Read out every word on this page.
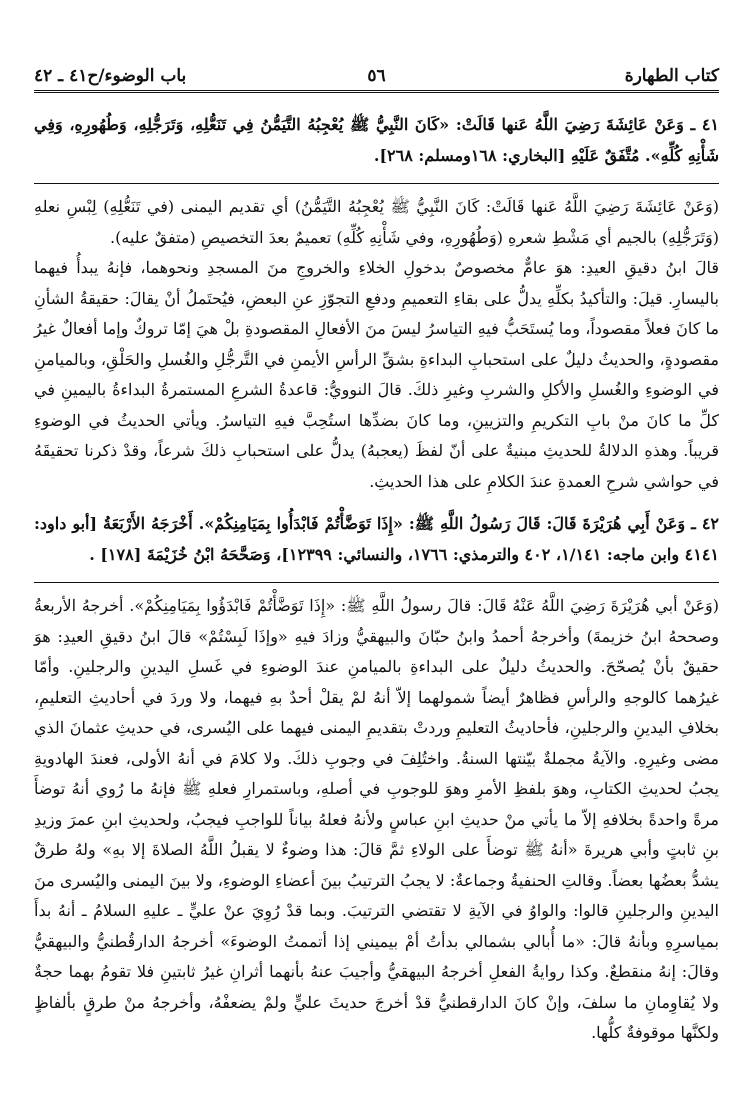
كتاب الطهارة
٥٦
باب الوضوء/ح٤١ ـ ٤٢

٤١ ـ وَعَنْ عَائِشَةَ رَضِيَ اللَّهُ عَنها قَالَتْ: «كَانَ النَّبِيُّ ﷺ يُعْجِبُهُ التَّيَمُّنُ فِي تَنَعُّلِهِ، وَتَرَجُّلِهِ، وَطُهُورِهِ، وَفِي شَأْنِهِ كُلِّهِ». مُتَّفَقٌ عَلَيْهِ [البخاري: ١٦٨ومسلم: ٢٦٨].

(وَعَنْ عَائِشَةَ رَضِيَ اللَّهُ عَنها قَالَتْ: كَانَ النَّبِيُّ ﷺ يُعْجِبُهُ التَّيَمُّنُ) أي تقديم اليمنى (في تَنَعُّلِهِ) لِبْسِ نعلهِ (وَتَرَجُّلِهِ) بالجيم أي مَشْطِ شعرهِ (وَطُهُورِهِ، وفي شَأْنِهِ كُلِّهِ) تعميمٌ بعدَ التخصيصِ (متفقٌ عليه).

قالَ ابنُ دقيقِ العيدِ: هوَ عامٌّ مخصوصٌ بدخولِ الخلاءِ والخروجِ منَ المسجدِ ونحوهما، فإنهُ يبدأُ فيهما باليسارِ. قيلَ: والتأكيدُ بكلِّهِ يدلُّ على بقاءِ التعميمِ ودفعِ التجوّزِ عنِ البعضِ، فيُحتَملُ أنْ يقالَ: حقيقةُ الشأنِ ما كانَ فعلاً مقصوداً، وما يُستَحَبُّ فيهِ التياسرُ ليسَ منَ الأفعالِ المقصودةِ بلْ هيَ إمّا تروكٌ وإما أفعالٌ غيرُ مقصودةٍ، والحديثُ دليلٌ على استحبابِ البداءةِ بشقِّ الرأسِ الأيمنِ في التَّرجُّلِ والغُسلِ والحَلْقِ، وبالميامنِ في الوضوءِ والغُسلِ والأكلِ والشربِ وغيرِ ذلكَ. قالَ النوويُّ: قاعدةُ الشرعِ المستمرةُ البداءةُ باليمينِ في كلِّ ما كانَ منْ بابِ التكريمِ والتزيينِ، وما كانَ بضدِّها استُحِبَّ فيهِ التياسرُ. ويأتي الحديثُ في الوضوءِ قريباً. وهذهِ الدلالةُ للحديثِ مبنيةٌ على أنّ لفظَ (يعجبهُ) يدلُّ على استحبابِ ذلكَ شرعاً، وقدْ ذكرنا تحقيقَهُ في حواشي شرحِ العمدةِ عندَ الكلامِ على هذا الحديثِ.

٤٢ ـ وَعَنْ أَبِي هُرَيْرَةَ قَالَ: قَالَ رَسُولُ اللَّهِ ﷺ: «إِذَا تَوَضَّأْتُمْ فَابْدَأُوا بِمَيَامِنِكُمْ». أَخْرَجَهُ الأَرْبَعَةُ [أبو داود: ٤١٤١ وابن ماجه: ١/١٤١، ٤٠٢ والترمذي: ١٧٦٦، والنسائي: ١٢٣٩٩]، وَصَحَّحَهُ ابْنُ خُزَيْمَةَ [١٧٨] .

(وَعَنْ أبي هُرَيْرَةَ رَضِيَ اللَّهُ عَنْهُ قَالَ: قالَ رسولُ اللَّهِ ﷺ: «إِذَا تَوَضَّأْتُمْ فَابْدَؤُوا بِمَيَامِنِكُمْ». أخرجهُ الأربعةُ وصححهُ ابنُ خزيمةَ) وأخرجهُ أحمدُ وابنُ حبّانَ والبيهقيُّ وزادَ فيهِ «وإذَا لَبِسْتُمْ» قالَ ابنُ دقيقِ العيدِ: هوَ حقيقٌ بأنْ يُصحّحَ. والحديثُ دليلٌ على البداءةِ بالميامنِ عندَ الوضوءِ في غَسلِ اليدينِ والرجلينِ. وأمّا غيرُهما كالوجهِ والرأسِ فظاهرٌ أيضاً شمولهما إلاّ أنهُ لمْ يقلْ أحدٌ بهِ فيهما، ولا وردَ في أحاديثِ التعليمِ، بخلافِ اليدينِ والرجلينِ، فأحاديثُ التعليمِ وردتْ بتقديمِ اليمنى فيهما على اليُسرى، في حديثِ عثمانَ الذي مضى وغيرِهِ. والآيةُ مجملةٌ بيّنتها السنةُ. واختُلِفَ في وجوبِ ذلكَ. ولا كلامَ في أنهُ الأولى، فعندَ الهادويةِ يجبُ لحديثِ الكتابِ، وهوَ بلفظِ الأمرِ وهوَ للوجوبِ في أصلهِ، وباستمرارِ فعلهِ ﷺ فإنهُ ما رُوي أنهُ توضأَ مرةً واحدةً بخلافهِ إلاّ ما يأتي منْ حديثِ ابنِ عباسٍ ولأنهُ فعلهُ بياناً للواجبِ فيجبُ، ولحديثِ ابنِ عمرَ وزيدِ بنِ ثابتٍ وأبي هريرةَ «أنهُ ﷺ توضأَ على الولاءِ ثمَّ قالَ: هذا وضوءٌ لا يقبلُ اللَّهُ الصلاةَ إلا بهِ» ولهُ طرقٌ يشدُّ بعضُها بعضاً. وقالتِ الحنفيةُ وجماعةٌ: لا يجبُ الترتيبُ بينَ أعضاءِ الوضوءِ، ولا بينَ اليمنى واليُسرى منَ اليدينِ والرجلينِ قالوا: والواوُ في الآيةِ لا تقتضي الترتيبَ. وبما قدْ رُوِيَ عنْ عليٍّ ـ عليهِ السلامُ ـ أنهُ بدأَ بمياسرِهِ وبأنهُ قالَ: «ما أُبالي بشمالي بدأتُ أمْ بيميني إذا أتممتُ الوضوءَ» أخرجهُ الدارقُطنيُّ والبيهقيُّ وقالَ: إنهُ منقطعٌ. وكذا روايةُ الفعلِ أخرجهُ البيهقيُّ وأجيبَ عنهُ بأنهما أثرانِ غيرُ ثابتينِ فلا تقومُ بهما حجةٌ ولا يُقاوِمانِ ما سلفَ، وإنْ كانَ الدارقطنيُّ قدْ أخرجَ حديثَ عليٍّ ولمْ يضعفْهُ، وأخرجهُ منْ طرقٍ بألفاظٍ ولكنَّها موقوفةٌ كلُّها.
